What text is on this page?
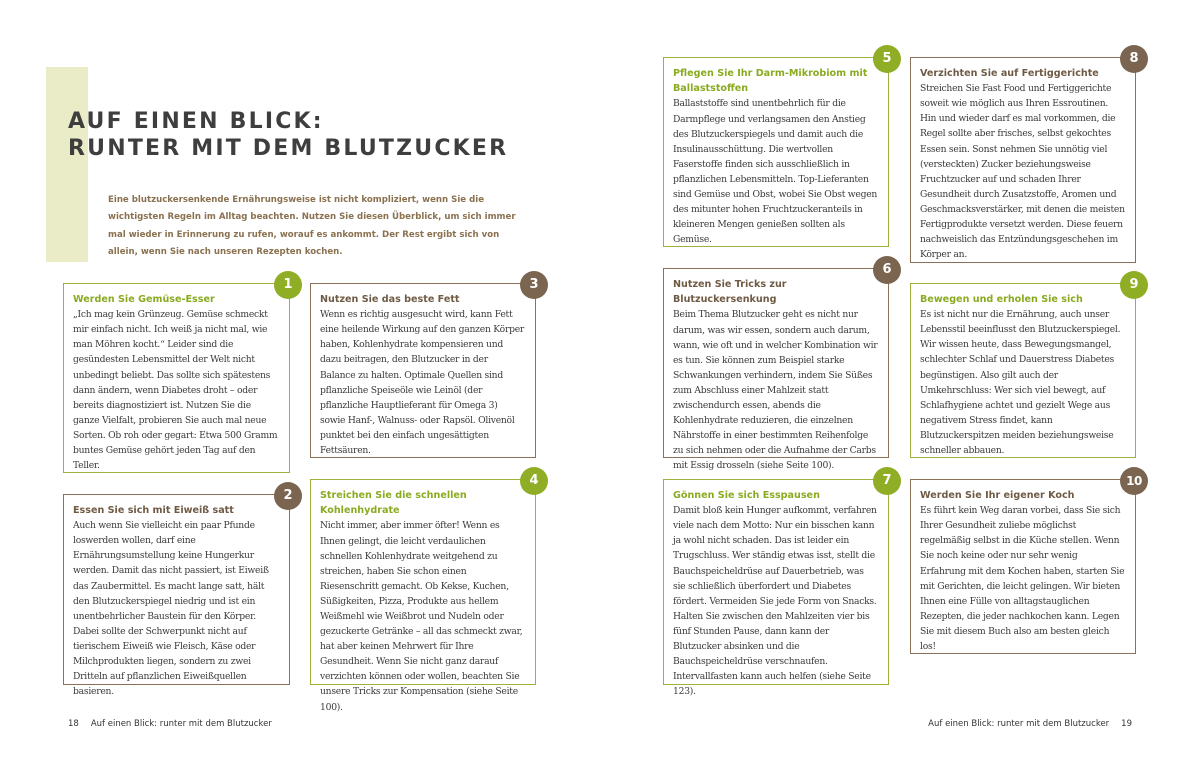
AUF EINEN BLICK:
RUNTER MIT DEM BLUTZUCKER

Eine blutzuckersenkende Ernährungsweise ist nicht kompliziert, wenn Sie die wichtigsten Regeln im Alltag beachten. Nutzen Sie diesen Überblick, um sich immer mal wieder in Erinnerung zu rufen, worauf es ankommt. Der Rest ergibt sich von allein, wenn Sie nach unseren Rezepten kochen.

1
Werden Sie Gemüse-Esser

„Ich mag kein Grünzeug. Gemüse schmeckt mir einfach nicht. Ich weiß ja nicht mal, wie man Möhren kocht.“ Leider sind die gesündesten Lebensmittel der Welt nicht unbedingt beliebt. Das sollte sich spätestens dann ändern, wenn Diabetes droht – oder bereits diagnostiziert ist. Nutzen Sie die ganze Vielfalt, probieren Sie auch mal neue Sorten. Ob roh oder gegart: Etwa 500 Gramm buntes Gemüse gehört jeden Tag auf den Teller.

2
Essen Sie sich mit Eiweiß satt

Auch wenn Sie vielleicht ein paar Pfunde loswerden wollen, darf eine Ernährungsumstellung keine Hungerkur werden. Damit das nicht passiert, ist Eiweiß das Zaubermittel. Es macht lange satt, hält den Blutzuckerspiegel niedrig und ist ein unentbehrlicher Baustein für den Körper. Dabei sollte der Schwerpunkt nicht auf tierischem Eiweiß wie Fleisch, Käse oder Milchprodukten liegen, sondern zu zwei Dritteln auf pflanzlichen Eiweißquellen basieren.

3
Nutzen Sie das beste Fett

Wenn es richtig ausgesucht wird, kann Fett eine heilende Wirkung auf den ganzen Körper haben, Kohlenhydrate kompensieren und dazu beitragen, den Blutzucker in der Balance zu halten. Optimale Quellen sind pflanzliche Speiseöle wie Leinöl (der pflanzliche Hauptlieferant für Omega 3) sowie Hanf-, Walnuss- oder Rapsöl. Olivenöl punktet bei den einfach ungesättigten Fettsäuren.

4
Streichen Sie die schnellen Kohlenhydrate

Nicht immer, aber immer öfter! Wenn es Ihnen gelingt, die leicht verdaulichen schnellen Kohlenhydrate weitgehend zu streichen, haben Sie schon einen Riesenschritt gemacht. Ob Kekse, Kuchen, Süßigkeiten, Pizza, Produkte aus hellem Weißmehl wie Weißbrot und Nudeln oder gezuckerte Getränke – all das schmeckt zwar, hat aber keinen Mehrwert für Ihre Gesundheit. Wenn Sie nicht ganz darauf verzichten können oder wollen, beachten Sie unsere Tricks zur Kompensation (siehe Seite 100).

5
Pflegen Sie Ihr Darm-Mikrobiom mit Ballaststoffen

Ballaststoffe sind unentbehrlich für die Darmpflege und verlangsamen den Anstieg des Blutzuckerspiegels und damit auch die Insulinausschüttung. Die wertvollen Faserstoffe finden sich ausschließlich in pflanzlichen Lebensmitteln. Top-Lieferanten sind Gemüse und Obst, wobei Sie Obst wegen des mitunter hohen Fruchtzuckeranteils in kleineren Mengen genießen sollten als Gemüse.

6
Nutzen Sie Tricks zur Blutzuckersenkung

Beim Thema Blutzucker geht es nicht nur darum, was wir essen, sondern auch darum, wann, wie oft und in welcher Kombination wir es tun. Sie können zum Beispiel starke Schwankungen verhindern, indem Sie Süßes zum Abschluss einer Mahlzeit statt zwischendurch essen, abends die Kohlenhydrate reduzieren, die einzelnen Nährstoffe in einer bestimmten Reihenfolge zu sich nehmen oder die Aufnahme der Carbs mit Essig drosseln (siehe Seite 100).

7
Gönnen Sie sich Esspausen

Damit bloß kein Hunger aufkommt, verfahren viele nach dem Motto: Nur ein bisschen kann ja wohl nicht schaden. Das ist leider ein Trugschluss. Wer ständig etwas isst, stellt die Bauchspeicheldrüse auf Dauerbetrieb, was sie schließlich überfordert und Diabetes fördert. Vermeiden Sie jede Form von Snacks. Halten Sie zwischen den Mahlzeiten vier bis fünf Stunden Pause, dann kann der Blutzucker absinken und die Bauchspeicheldrüse verschnaufen. Intervallfasten kann auch helfen (siehe Seite 123).

8
Verzichten Sie auf Fertiggerichte

Streichen Sie Fast Food und Fertiggerichte soweit wie möglich aus Ihren Essroutinen. Hin und wieder darf es mal vorkommen, die Regel sollte aber frisches, selbst gekochtes Essen sein. Sonst nehmen Sie unnötig viel (versteckten) Zucker beziehungsweise Fruchtzucker auf und schaden Ihrer Gesundheit durch Zusatzstoffe, Aromen und Geschmacksverstärker, mit denen die meisten Fertigprodukte versetzt werden. Diese feuern nachweislich das Entzündungsgeschehen im Körper an.

9
Bewegen und erholen Sie sich

Es ist nicht nur die Ernährung, auch unser Lebensstil beeinflusst den Blutzuckerspiegel. Wir wissen heute, dass Bewegungsmangel, schlechter Schlaf und Dauerstress Diabetes begünstigen. Also gilt auch der Umkehrschluss: Wer sich viel bewegt, auf Schlafhygiene achtet und gezielt Wege aus negativem Stress findet, kann Blutzuckerspitzen meiden beziehungsweise schneller abbauen.

10
Werden Sie Ihr eigener Koch

Es führt kein Weg daran vorbei, dass Sie sich Ihrer Gesundheit zuliebe möglichst regelmäßig selbst in die Küche stellen. Wenn Sie noch keine oder nur sehr wenig Erfahrung mit dem Kochen haben, starten Sie mit Gerichten, die leicht gelingen. Wir bieten Ihnen eine Fülle von alltagstauglichen Rezepten, die jeder nachkochen kann. Legen Sie mit diesem Buch also am besten gleich los!

18 Auf einen Blick: runter mit dem Blutzucker	Auf einen Blick: runter mit dem Blutzucker 19
